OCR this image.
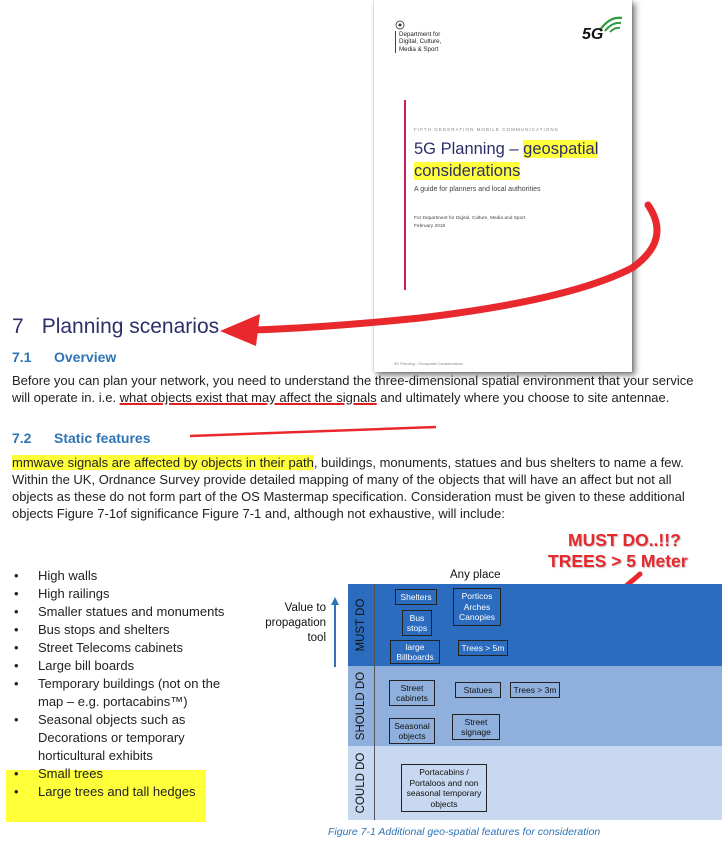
Department for
Digital, Culture,
Media & Sport
5G
FIFTH GENERATION MOBILE COMMUNICATIONS
5G Planning – geospatial
considerations
A guide for planners and local authorities
For Department for Digital, Culture, Media and Sport
February 2018
5G Planning - Geospatial Considerations
7 Planning scenarios
7.1 Overview
Before you can plan your network, you need to understand the three-dimensional spatial environment that your service will operate in. i.e. what objects exist that may affect the signals and ultimately where you choose to site antennae.
7.2 Static features
mmwave signals are affected by objects in their path, buildings, monuments, statues and bus shelters to name a few. Within the UK, Ordnance Survey provide detailed mapping of many of the objects that will have an affect but not all objects as these do not form part of the OS Mastermap specification. Consideration must be given to these additional objects Figure 7-1of significance Figure 7-1 and, although not exhaustive, will include:
• High walls
• High railings
• Smaller statues and monuments
• Bus stops and shelters
• Street Telecoms cabinets
• Large bill boards
• Temporary buildings (not on the map – e.g. portacabins™)
• Seasonal objects such as Decorations or temporary horticultural exhibits
• Small trees
• Large trees and tall hedges
MUST DO..!!?
TREES > 5 Meter
Any place
Value to
propagation
tool	MUST DO
Shelters
Bus
stops
large
Billboards
Porticos
Arches
Canopies
Trees > 5m
SHOULD DO	Street
cabinets
Statues	Trees > 3m
Seasonal
objects
Street
signage
COULD DO	Portacabins /
Portaloos and non
seasonal temporary
objects
Figure 7-1 Additional geo-spatial features for consideration
